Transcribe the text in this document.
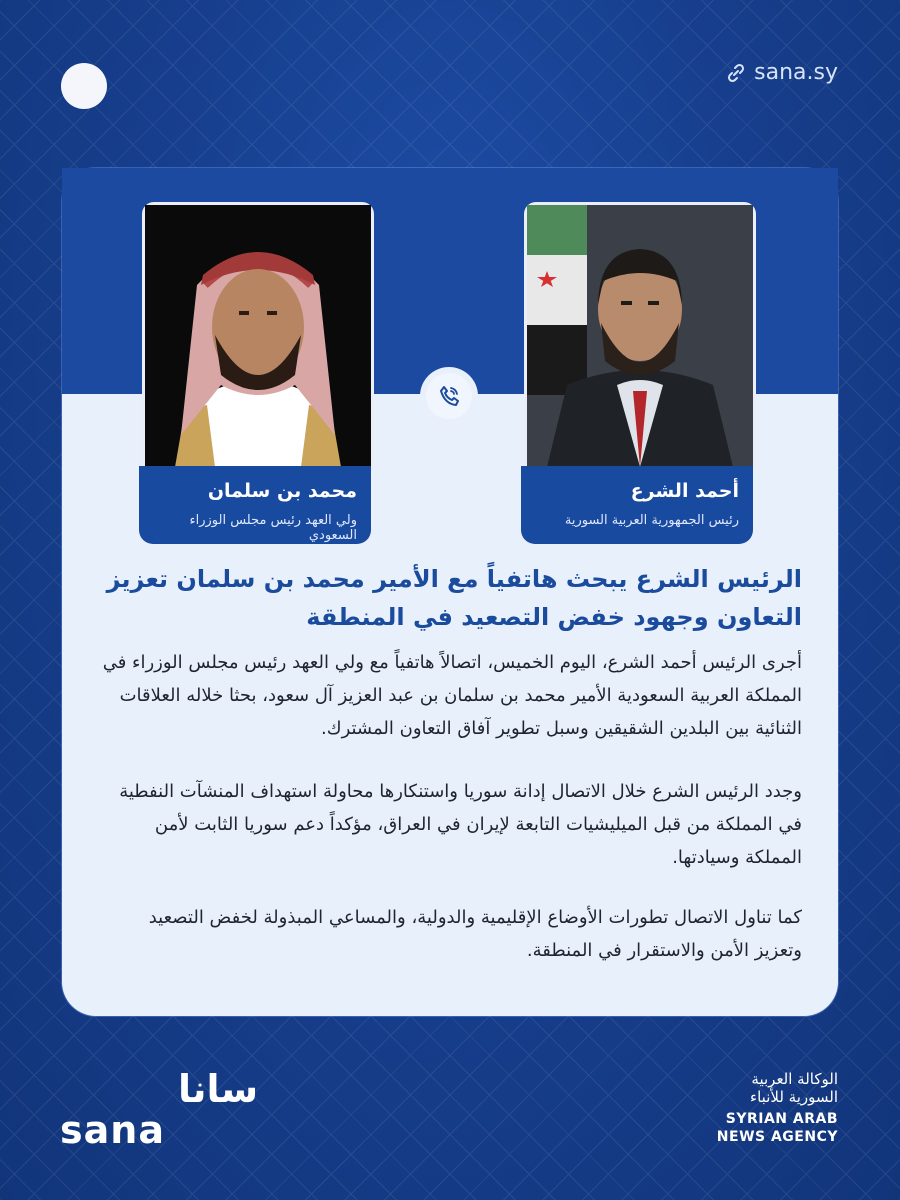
sana.sy
محمد بن سلمان
ولي العهد رئيس مجلس الوزراء السعودي
أحمد الشرع
رئيس الجمهورية العربية السورية
الرئيس الشرع يبحث هاتفياً مع الأمير محمد بن سلمان تعزيز التعاون وجهود خفض التصعيد في المنطقة
أجرى الرئيس أحمد الشرع، اليوم الخميس، اتصالاً هاتفياً مع ولي العهد رئيس مجلس الوزراء في المملكة العربية السعودية الأمير محمد بن سلمان بن عبد العزيز آل سعود، بحثا خلاله العلاقات الثنائية بين البلدين الشقيقين وسبل تطوير آفاق التعاون المشترك.
وجدد الرئيس الشرع خلال الاتصال إدانة سوريا واستنكارها محاولة استهداف المنشآت النفطية في المملكة من قبل الميليشيات التابعة لإيران في العراق، مؤكداً دعم سوريا الثابت لأمن المملكة وسيادتها.
كما تناول الاتصال تطورات الأوضاع الإقليمية والدولية، والمساعي المبذولة لخفض التصعيد وتعزيز الأمن والاستقرار في المنطقة.
سانا
sana
الوكالة العربية
السورية للأنباء
SYRIAN ARAB
NEWS AGENCY
